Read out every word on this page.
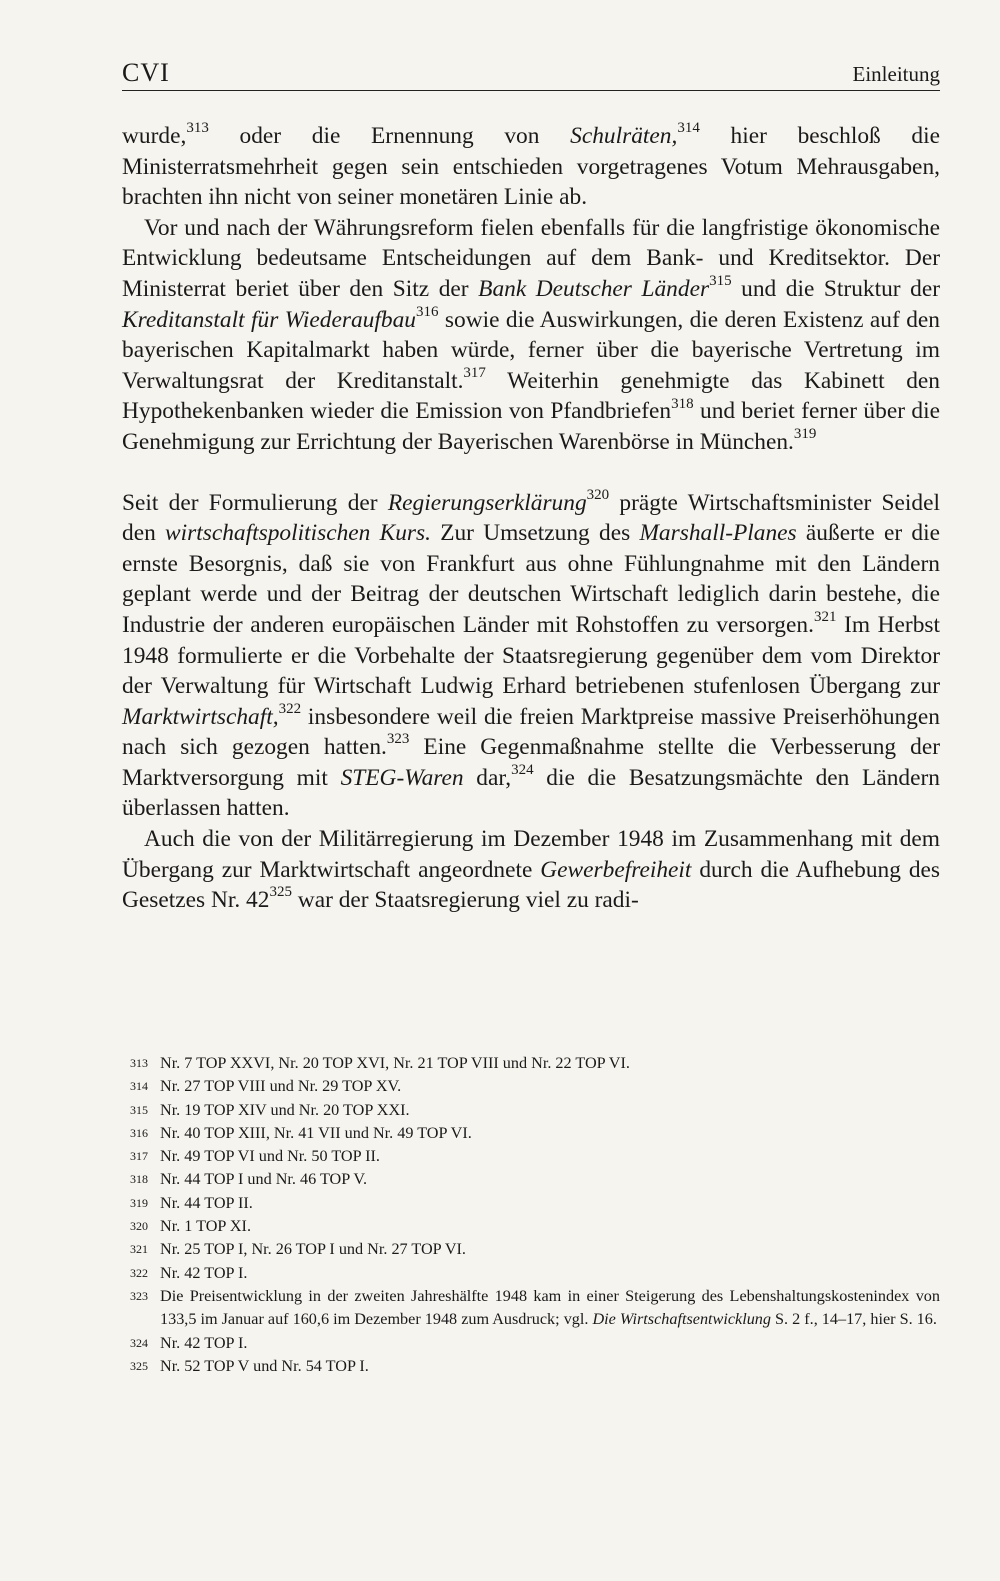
CVI	Einleitung

wurde,$^{313}$ oder die Ernennung von Schulräten,$^{314}$ hier beschloß die Ministerratsmehrheit gegen sein entschieden vorgetragenes Votum Mehrausgaben, brachten ihn nicht von seiner monetären Linie ab.

Vor und nach der Währungsreform fielen ebenfalls für die langfristige ökonomische Entwicklung bedeutsame Entscheidungen auf dem Bank- und Kreditsektor. Der Ministerrat beriet über den Sitz der Bank Deutscher Länder$^{315}$ und die Struktur der Kreditanstalt für Wiederaufbau$^{316}$ sowie die Auswirkungen, die deren Existenz auf den bayerischen Kapitalmarkt haben würde, ferner über die bayerische Vertretung im Verwaltungsrat der Kreditanstalt.$^{317}$ Weiterhin genehmigte das Kabinett den Hypothekenbanken wieder die Emission von Pfandbriefen$^{318}$ und beriet ferner über die Genehmigung zur Errichtung der Bayerischen Warenbörse in München.$^{319}$

Seit der Formulierung der Regierungserklärung$^{320}$ prägte Wirtschaftsminister Seidel den wirtschaftspolitischen Kurs. Zur Umsetzung des Marshall-Planes äußerte er die ernste Besorgnis, daß sie von Frankfurt aus ohne Fühlungnahme mit den Ländern geplant werde und der Beitrag der deutschen Wirtschaft lediglich darin bestehe, die Industrie der anderen europäischen Länder mit Rohstoffen zu versorgen.$^{321}$ Im Herbst 1948 formulierte er die Vorbehalte der Staatsregierung gegenüber dem vom Direktor der Verwaltung für Wirtschaft Ludwig Erhard betriebenen stufenlosen Übergang zur Marktwirtschaft,$^{322}$ insbesondere weil die freien Marktpreise massive Preiserhöhungen nach sich gezogen hatten.$^{323}$ Eine Gegenmaßnahme stellte die Verbesserung der Marktversorgung mit STEG-Waren dar,$^{324}$ die die Besatzungsmächte den Ländern überlassen hatten.

Auch die von der Militärregierung im Dezember 1948 im Zusammenhang mit dem Übergang zur Marktwirtschaft angeordnete Gewerbefreiheit durch die Aufhebung des Gesetzes Nr. $42^{325}$ war der Staatsregierung viel zu radi-

313 Nr. 7 TOP XXVI, Nr. 20 TOP XVI, Nr. 21 TOP VIII und Nr. 22 TOP VI.
314 Nr. 27 TOP VIII und Nr. 29 TOP XV.
315 Nr. 19 TOP XIV und Nr. 20 TOP XXI.
316 Nr. 40 TOP XIII, Nr. 41 VII und Nr. 49 TOP VI.
317 Nr. 49 TOP VI und Nr. 50 TOP II.
318 Nr. 44 TOP I und Nr. 46 TOP V.
319 Nr. 44 TOP II.
320 Nr. 1 TOP XI.
321 Nr. 25 TOP I, Nr. 26 TOP I und Nr. 27 TOP VI.
322 Nr. 42 TOP I.
323 Die Preisentwicklung in der zweiten Jahreshälfte 1948 kam in einer Steigerung des Lebenshaltungskostenindex von 133,5 im Januar auf 160,6 im Dezember 1948 zum Ausdruck; vgl. Die Wirtschaftsentwicklung S. 2 f., 14–17, hier S. 16.
324 Nr. 42 TOP I.
325 Nr. 52 TOP V und Nr. 54 TOP I.
